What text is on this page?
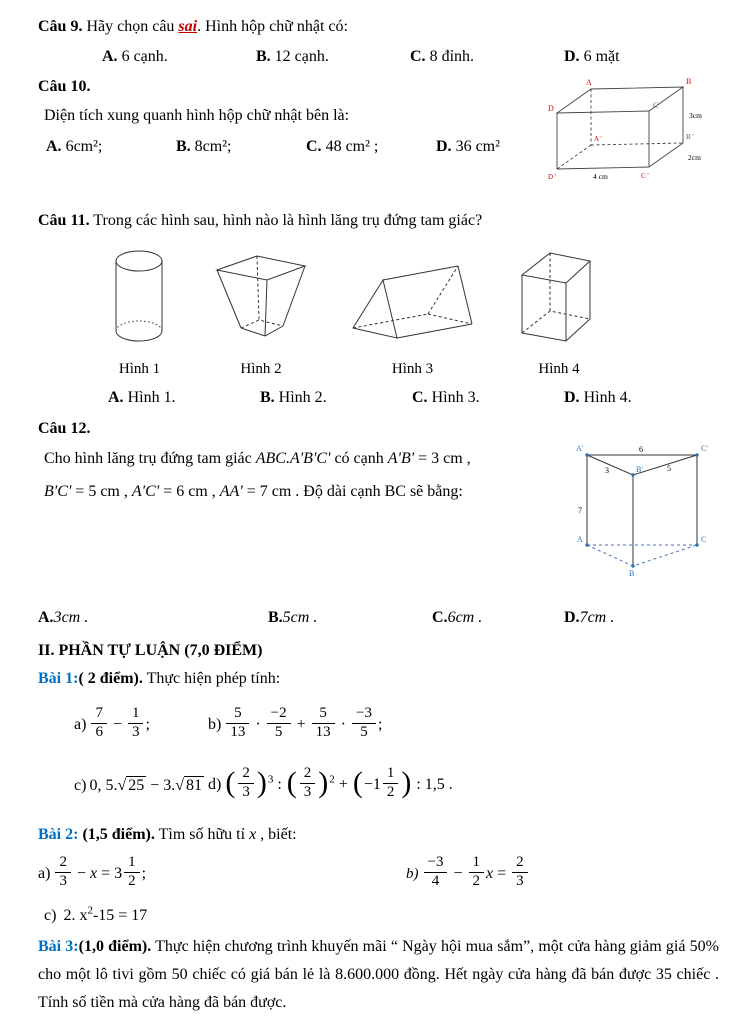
Câu 9. Hãy chọn câu sai. Hình hộp chữ nhật có:

A. 6 cạnh.	B. 12 cạnh.	C. 8 đỉnh.	D. 6 mặt

Câu 10.

Diện tích xung quanh hình hộp chữ nhật bên là:

A. 6cm²;	B. 8cm²;	C. 48 cm² ;	D. 36 cm²
A	B
C
D
A '	B '
C '
D '
3cm
2cm
4 cm

Câu 11. Trong các hình sau, hình nào là hình lăng trụ đứng tam giác?

Hình 1	Hình 2	Hình 3	Hình 4
A. Hình 1.	B. Hình 2.	C. Hình 3.	D. Hình 4.

Câu 12.

Cho hình lăng trụ đứng tam giác ABC.A'B'C' có cạnh A'B' = 3 cm ,

B'C' = 5 cm , A'C' = 6 cm , AA' = 7 cm . Độ dài cạnh BC sẽ bằng:

A'	C'
B'
A	C
B
6
3	5
7
A.3cm .	B.5cm .	C.6cm .	D.7cm .

II. PHẦN TỰ LUẬN (7,0 ĐIỂM)

Bài 1:( 2 điểm). Thực hiện phép tính:

$a) \frac{7}{6} - \frac{1}{3}$ ;	$b) \frac{5}{13} \cdot \frac{-2}{5} + \frac{5}{13} \cdot \frac{-3}{5}$ ;
c) 0, 5.√ 25 − 3.√ 81 d) ( $\frac{2}{3} )^3$ : ( $\frac{2}{3} )^2 + (-1 \frac{1}{2}$ ) : 1,5 .

Bài 2: (1,5 điểm). Tìm số hữu tỉ x , biết:

$a) \frac{2}{3} - x = 3 \frac{1}{2}$ ;	$b) \frac{-3}{4} - \frac{1}{2}$ $x = \frac{2}{3}$

c) 2. $x^2-15 = 17$

Bài 3:(1,0 điểm). Thực hiện chương trình khuyến mãi “ Ngày hội mua sắm”, một cửa hàng giảm giá 50% cho một lô tivi gồm 50 chiếc có giá bán lẻ là 8.600.000 đồng. Hết ngày cửa hàng đã bán được 35 chiếc . Tính số tiền mà cửa hàng đã bán được.
